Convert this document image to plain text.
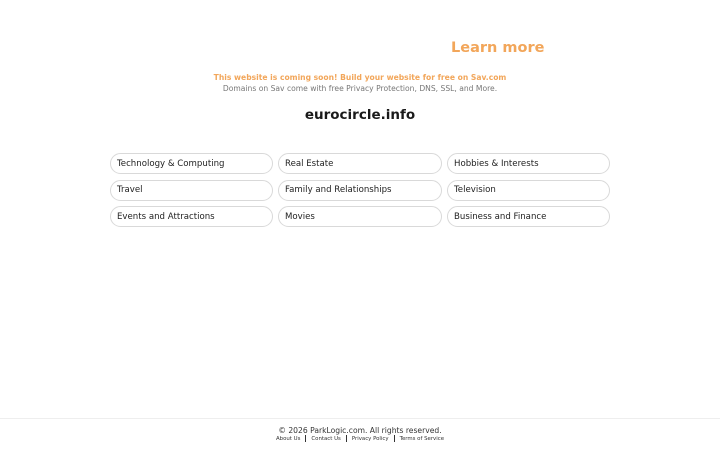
Learn more
This website is coming soon! Build your website for free on Sav.com
Domains on Sav come with free Privacy Protection, DNS, SSL, and More.
eurocircle.info
Technology & Computing	Real Estate	Hobbies & Interests
Travel	Family and Relationships	Television
Events and Attractions	Movies	Business and Finance
© 2026 ParkLogic.com. All rights reserved.
About Us	Contact Us	Privacy Policy	Terms of Service
